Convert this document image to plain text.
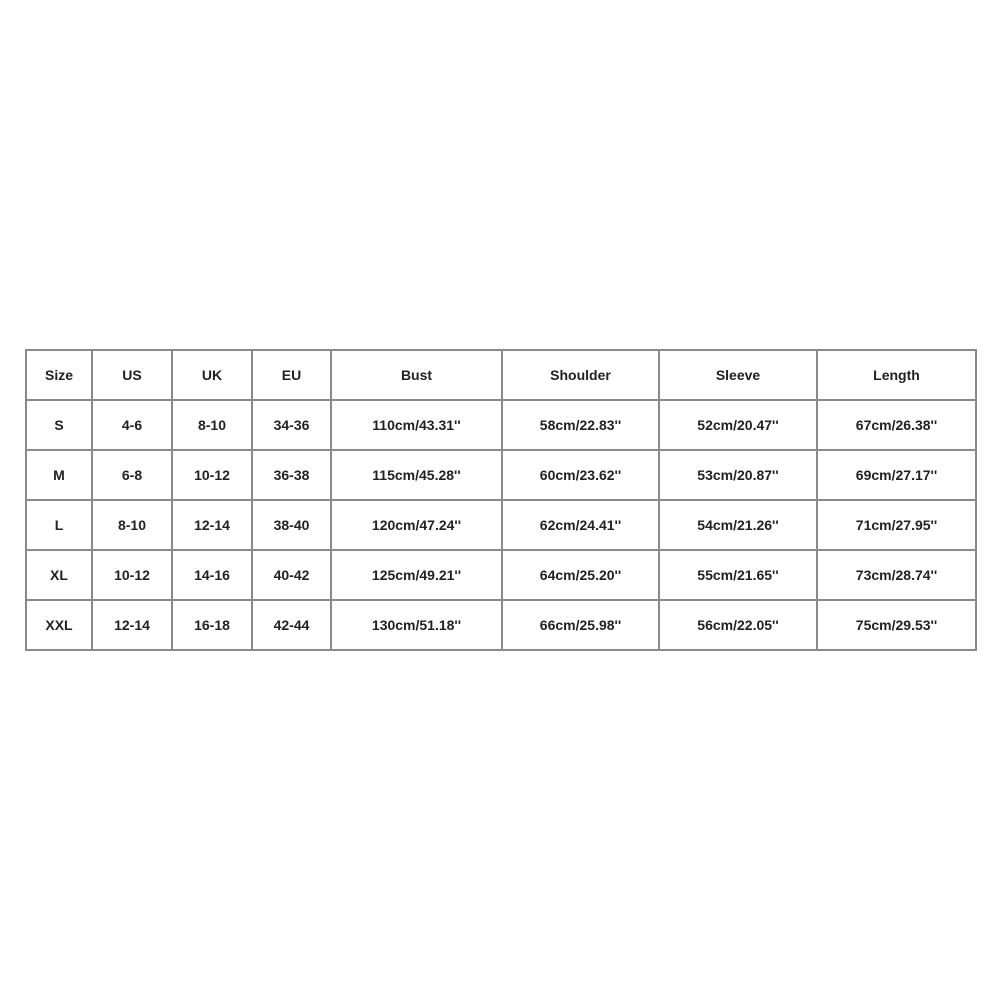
Size	US	UK	EU	Bust	Shoulder	Sleeve	Length
S	4-6	8-10	34-36	110cm/43.31''	58cm/22.83''	52cm/20.47''	67cm/26.38''
M	6-8	10-12	36-38	115cm/45.28''	60cm/23.62''	53cm/20.87''	69cm/27.17''
L	8-10	12-14	38-40	120cm/47.24''	62cm/24.41''	54cm/21.26''	71cm/27.95''
XL	10-12	14-16	40-42	125cm/49.21''	64cm/25.20''	55cm/21.65''	73cm/28.74''
XXL	12-14	16-18	42-44	130cm/51.18''	66cm/25.98''	56cm/22.05''	75cm/29.53''
